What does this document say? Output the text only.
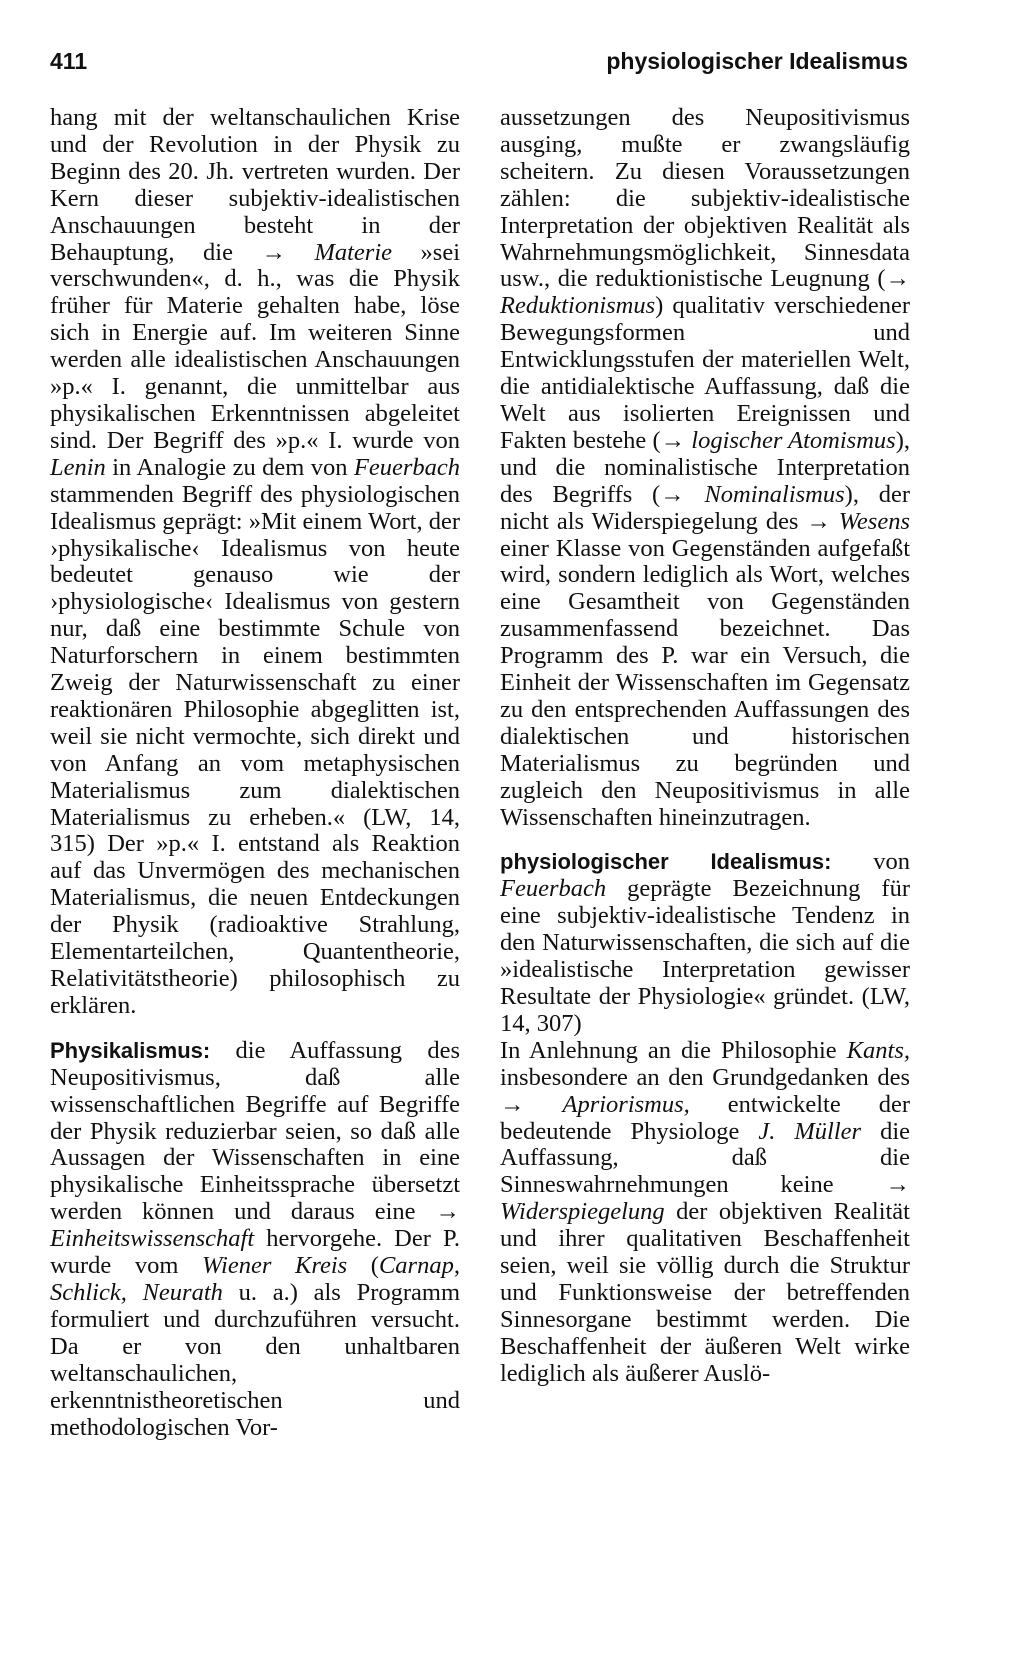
411	physiologischer Idealismus

hang mit der weltanschaulichen Krise und der Revolution in der Physik zu Beginn des 20. Jh. vertreten wurden. Der Kern dieser subjektiv-idealistischen Anschauungen besteht in der Behauptung, die → Materie »sei verschwunden«, d. h., was die Physik früher für Materie gehalten habe, löse sich in Energie auf. Im weiteren Sinne werden alle idealistischen Anschauungen »p.« I. genannt, die unmittelbar aus physikalischen Erkenntnissen abgeleitet sind. Der Begriff des »p.« I. wurde von Lenin in Analogie zu dem von Feuerbach stammenden Begriff des physiologischen Idealismus geprägt: »Mit einem Wort, der ›physikalische‹ Idealismus von heute bedeutet genauso wie der ›physiologische‹ Idealismus von gestern nur, daß eine bestimmte Schule von Naturforschern in einem bestimmten Zweig der Naturwissenschaft zu einer reaktionären Philosophie abgeglitten ist, weil sie nicht vermochte, sich direkt und von Anfang an vom metaphysischen Materialismus zum dialektischen Materialismus zu erheben.« (LW, 14, 315) Der »p.« I. entstand als Reaktion auf das Unvermögen des mechanischen Materialismus, die neuen Entdeckungen der Physik (radioaktive Strahlung, Elementarteilchen, Quantentheorie, Relativitätstheorie) philosophisch zu erklären.

Physikalismus: die Auffassung des Neupositivismus, daß alle wissenschaftlichen Begriffe auf Begriffe der Physik reduzierbar seien, so daß alle Aussagen der Wissenschaften in eine physikalische Einheitssprache übersetzt werden können und daraus eine → Einheitswissenschaft hervorgehe. Der P. wurde vom Wiener Kreis (Carnap, Schlick, Neurath u. a.) als Programm formuliert und durchzuführen versucht. Da er von den unhaltbaren weltanschaulichen, erkenntnistheoretischen und methodologischen Vor-

aussetzungen des Neupositivismus ausging, mußte er zwangsläufig scheitern. Zu diesen Voraussetzungen zählen: die subjektiv-idealistische Interpretation der objektiven Realität als Wahrnehmungsmöglichkeit, Sinnesdata usw., die reduktionistische Leugnung (→ Reduktionismus) qualitativ verschiedener Bewegungsformen und Entwicklungsstufen der materiellen Welt, die antidialektische Auffassung, daß die Welt aus isolierten Ereignissen und Fakten bestehe (→ logischer Atomismus), und die nominalistische Interpretation des Begriffs (→ Nominalismus), der nicht als Widerspiegelung des → Wesens einer Klasse von Gegenständen aufgefaßt wird, sondern lediglich als Wort, welches eine Gesamtheit von Gegenständen zusammenfassend bezeichnet. Das Programm des P. war ein Versuch, die Einheit der Wissenschaften im Gegensatz zu den entsprechenden Auffassungen des dialektischen und historischen Materialismus zu begründen und zugleich den Neupositivismus in alle Wissenschaften hineinzutragen.

physiologischer Idealismus: von Feuerbach geprägte Bezeichnung für eine subjektiv-idealistische Tendenz in den Naturwissenschaften, die sich auf die »idealistische Interpretation gewisser Resultate der Physiologie« gründet. (LW, 14, 307)

In Anlehnung an die Philosophie Kants, insbesondere an den Grundgedanken des → Apriorismus, entwickelte der bedeutende Physiologe J. Müller die Auffassung, daß die Sinneswahrnehmungen keine → Widerspiegelung der objektiven Realität und ihrer qualitativen Beschaffenheit seien, weil sie völlig durch die Struktur und Funktionsweise der betreffenden Sinnesorgane bestimmt werden. Die Beschaffenheit der äußeren Welt wirke lediglich als äußerer Auslö-
